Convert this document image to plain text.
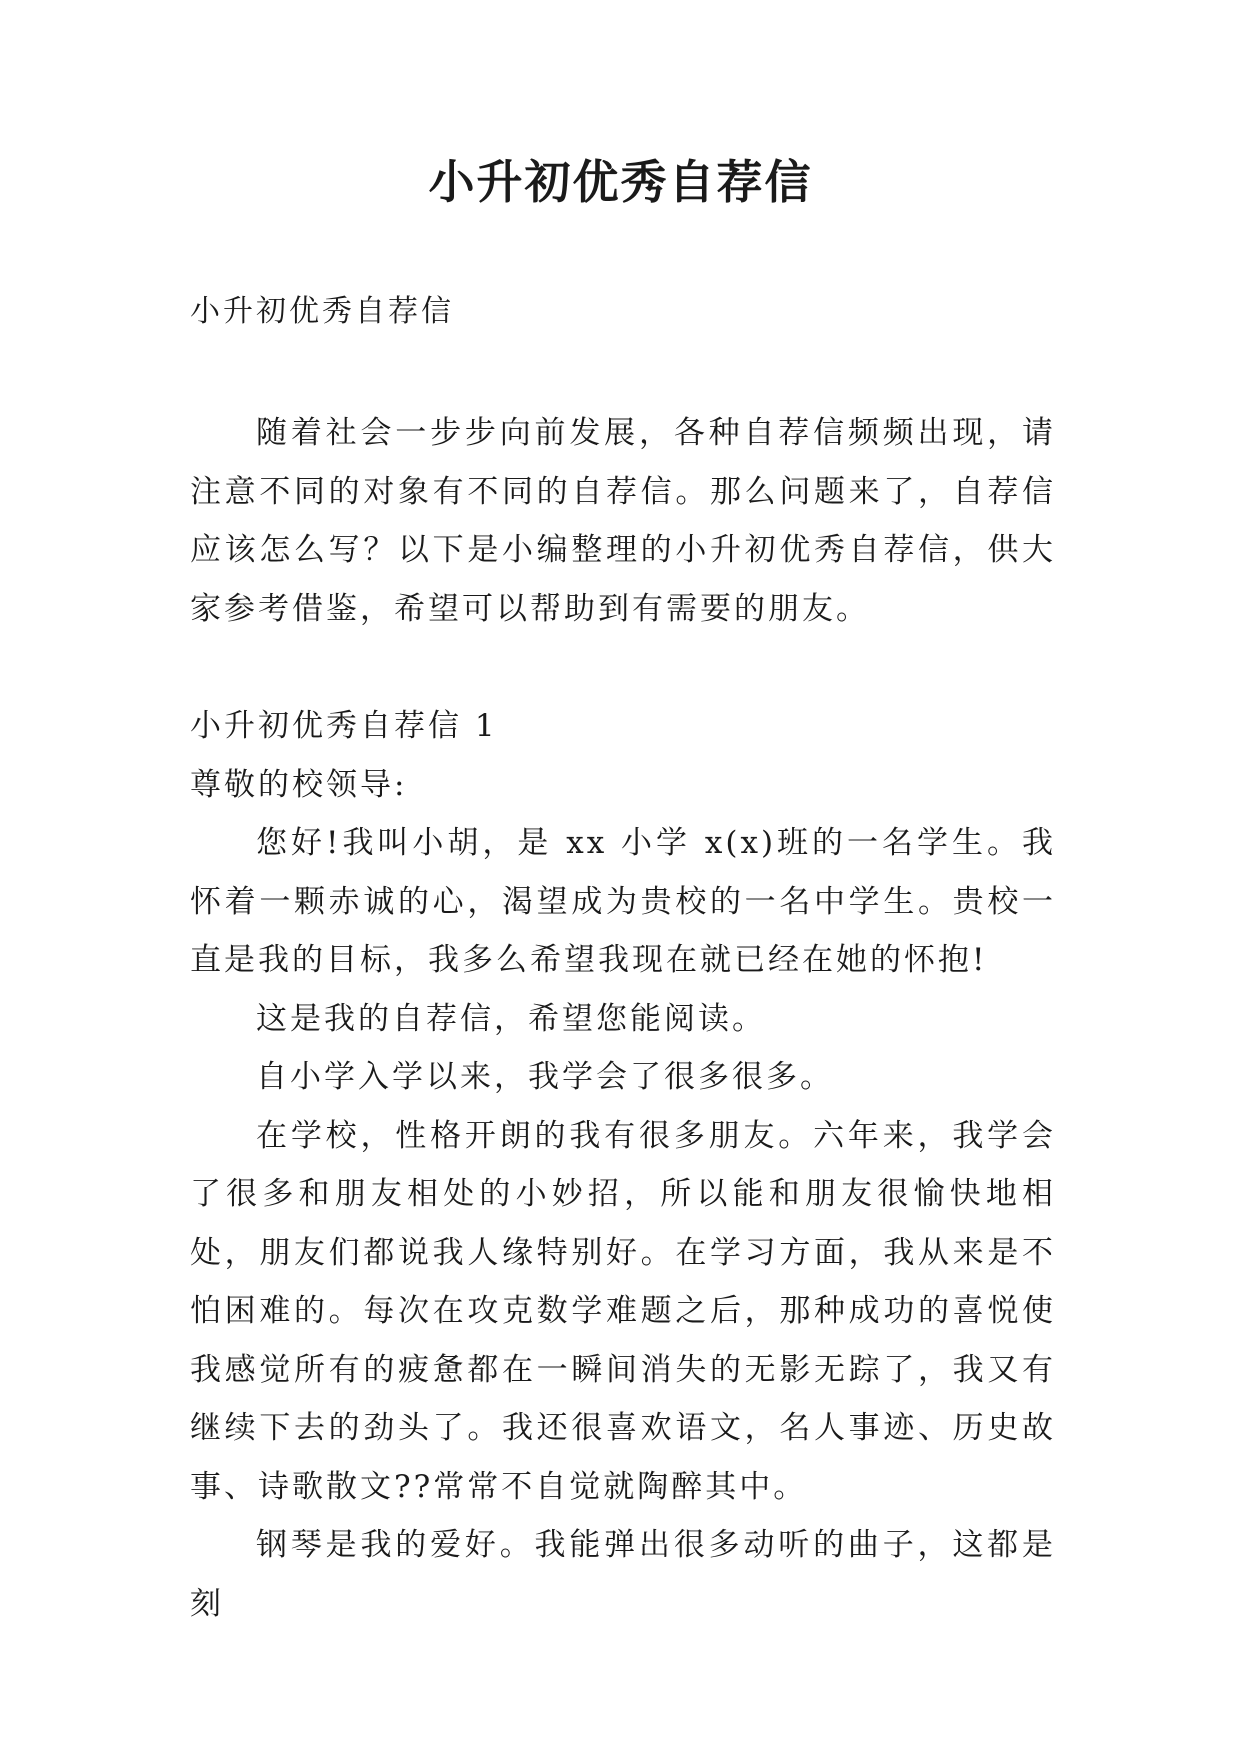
小升初优秀自荐信

小升初优秀自荐信

随着社会一步步向前发展，各种自荐信频频出现，请注意不同的对象有不同的自荐信。那么问题来了，自荐信应该怎么写？以下是小编整理的小升初优秀自荐信，供大家参考借鉴，希望可以帮助到有需要的朋友。

小升初优秀自荐信 1

尊敬的校领导:

您好!我叫小胡，是 xx 小学 x(x)班的一名学生。我怀着一颗赤诚的心，渴望成为贵校的一名中学生。贵校一直是我的目标，我多么希望我现在就已经在她的怀抱!

这是我的自荐信，希望您能阅读。

自小学入学以来，我学会了很多很多。

在学校，性格开朗的我有很多朋友。六年来，我学会了很多和朋友相处的小妙招，所以能和朋友很愉快地相处，朋友们都说我人缘特别好。在学习方面，我从来是不怕困难的。每次在攻克数学难题之后，那种成功的喜悦使我感觉所有的疲惫都在一瞬间消失的无影无踪了，我又有继续下去的劲头了。我还很喜欢语文，名人事迹、历史故事、诗歌散文??常常不自觉就陶醉其中。

钢琴是我的爱好。我能弹出很多动听的曲子，这都是刻
